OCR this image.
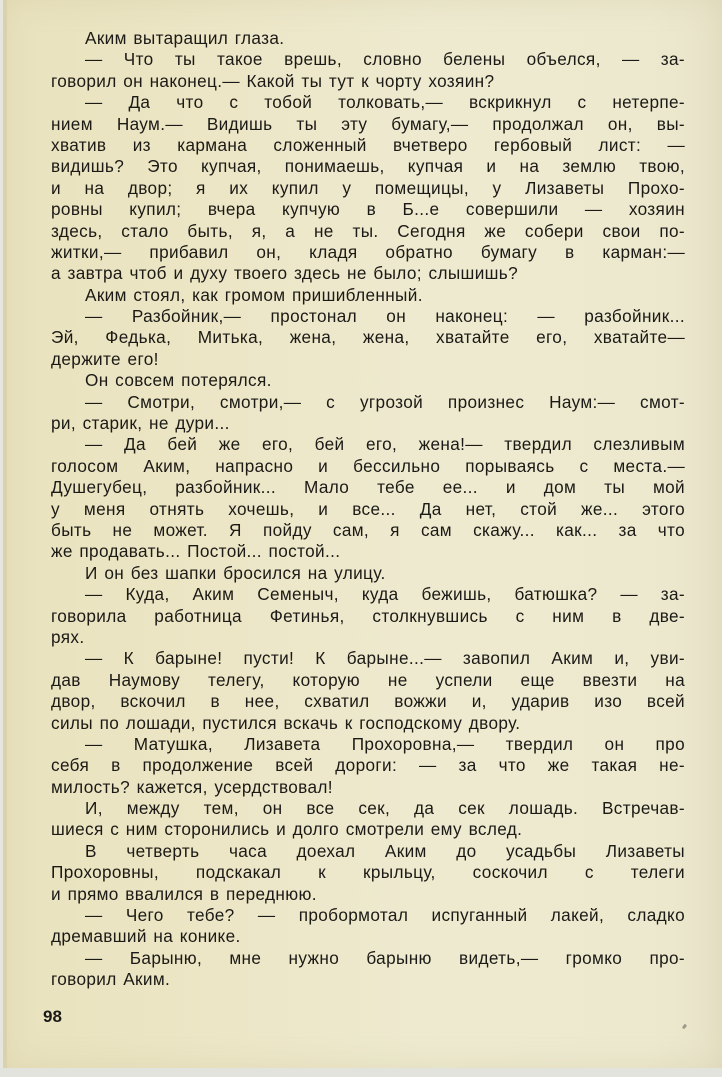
Аким вытаращил глаза.
— Что ты такое врешь, словно белены объелся, — за-
говорил он наконец.— Какой ты тут к чорту хозяин?
— Да что с тобой толковать,— вскрикнул с нетерпе-
нием Наум.— Видишь ты эту бумагу,— продолжал он, вы-
хватив из кармана сложенный вчетверо гербовый лист: —
видишь? Это купчая, понимаешь, купчая и на землю твою,
и на двор; я их купил у помещицы, у Лизаветы Прохо-
ровны купил; вчера купчую в Б...е совершили — хозяин
здесь, стало быть, я, а не ты. Сегодня же собери свои по-
житки,— прибавил он, кладя обратно бумагу в карман:—
а завтра чтоб и духу твоего здесь не было; слышишь?
Аким стоял, как громом пришибленный.
— Разбойник,— простонал он наконец: — разбойник...
Эй, Федька, Митька, жена, жена, хватайте его, хватайте—
держите его!
Он совсем потерялся.
— Смотри, смотри,— с угрозой произнес Наум:— смот-
ри, старик, не дури...
— Да бей же его, бей его, жена!— твердил слезливым
голосом Аким, напрасно и бессильно порываясь с места.—
Душегубец, разбойник... Мало тебе ее... и дом ты мой
у меня отнять хочешь, и все... Да нет, стой же... этого
быть не может. Я пойду сам, я сам скажу... как... за что
же продавать... Постой... постой...
И он без шапки бросился на улицу.
— Куда, Аким Семеныч, куда бежишь, батюшка? — за-
говорила работница Фетинья, столкнувшись с ним в две-
рях.
— К барыне! пусти! К барыне...— завопил Аким и, уви-
дав Наумову телегу, которую не успели еще ввезти на
двор, вскочил в нее, схватил вожжи и, ударив изо всей
силы по лошади, пустился вскачь к господскому двору.
— Матушка, Лизавета Прохоровна,— твердил он про
себя в продолжение всей дороги: — за что же такая не-
милость? кажется, усердствовал!
И, между тем, он все сек, да сек лошадь. Встречав-
шиеся с ним сторонились и долго смотрели ему вслед.
В четверть часа доехал Аким до усадьбы Лизаветы
Прохоровны, подскакал к крыльцу, соскочил с телеги
и прямо ввалился в переднюю.
— Чего тебе? — пробормотал испуганный лакей, сладко
дремавший на конике.
— Барыню, мне нужно барыню видеть,— громко про-
говорил Аким.
98
